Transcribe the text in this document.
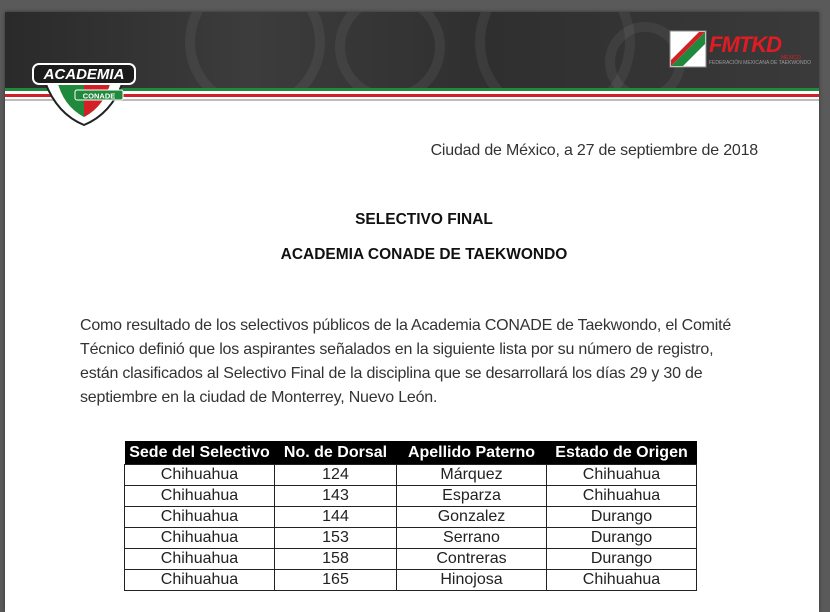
ACADEMIA
CONADE
FMTKD
MÉXICO
FEDERACIÓN MEXICANA DE TAEKWONDO
Ciudad de México, a 27 de septiembre de 2018
SELECTIVO FINAL
ACADEMIA CONADE DE TAEKWONDO
Como resultado de los selectivos públicos de la Academia CONADE de Taekwondo, el Comité
Técnico definió que los aspirantes señalados en la siguiente lista por su número de registro,
están clasificados al Selectivo Final de la disciplina que se desarrollará los días 29 y 30 de
septiembre en la ciudad de Monterrey, Nuevo León.
Sede del Selectivo	No. de Dorsal	Apellido Paterno	Estado de Origen
Chihuahua	124	Márquez	Chihuahua
Chihuahua	143	Esparza	Chihuahua
Chihuahua	144	Gonzalez	Durango
Chihuahua	153	Serrano	Durango
Chihuahua	158	Contreras	Durango
Chihuahua	165	Hinojosa	Chihuahua
